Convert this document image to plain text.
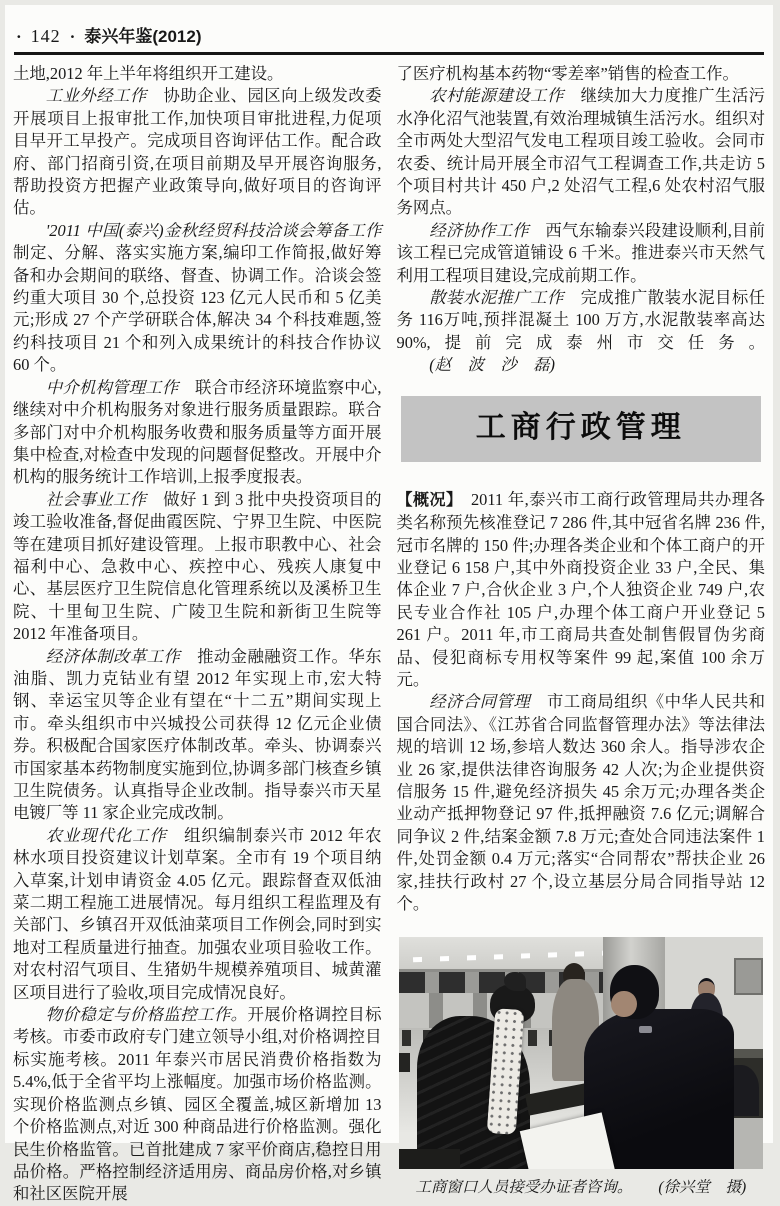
· 142 · 泰兴年鉴(2012)

土地,2012 年上半年将组织开工建设。

工业外经工作　协助企业、园区向上级发改委开展项目上报审批工作,加快项目审批进程,力促项目早开工早投产。完成项目咨询评估工作。配合政府、部门招商引资,在项目前期及早开展咨询服务,帮助投资方把握产业政策导向,做好项目的咨询评估。

'2011 中国(泰兴)金秋经贸科技洽谈会筹备工作　制定、分解、落实实施方案,编印工作简报,做好筹备和办会期间的联络、督查、协调工作。洽谈会签约重大项目 30 个,总投资 123 亿元人民币和 5 亿美元;形成 27 个产学研联合体,解决 34 个科技难题,签约科技项目 21 个和列入成果统计的科技合作协议 60 个。

中介机构管理工作　联合市经济环境监察中心,继续对中介机构服务对象进行服务质量跟踪。联合多部门对中介机构服务收费和服务质量等方面开展集中检查,对检查中发现的问题督促整改。开展中介机构的服务统计工作培训,上报季度报表。

社会事业工作　做好 1 到 3 批中央投资项目的竣工验收准备,督促曲霞医院、宁界卫生院、中医院等在建项目抓好建设管理。上报市职教中心、社会福利中心、急救中心、疾控中心、残疾人康复中心、基层医疗卫生院信息化管理系统以及溪桥卫生院、十里甸卫生院、广陵卫生院和新街卫生院等 2012 年准备项目。

经济体制改革工作　推动金融融资工作。华东油脂、凯力克钴业有望 2012 年实现上市,宏大特钢、幸运宝贝等企业有望在“十二五”期间实现上市。牵头组织市中兴城投公司获得 12 亿元企业债券。积极配合国家医疗体制改革。牵头、协调泰兴市国家基本药物制度实施到位,协调多部门核查乡镇卫生院债务。认真指导企业改制。指导泰兴市天星电镀厂等 11 家企业完成改制。

农业现代化工作　组织编制泰兴市 2012 年农林水项目投资建议计划草案。全市有 19 个项目纳入草案,计划申请资金 4.05 亿元。跟踪督查双低油菜二期工程施工进展情况。每月组织工程监理及有关部门、乡镇召开双低油菜项目工作例会,同时到实地对工程质量进行抽查。加强农业项目验收工作。对农村沼气项目、生猪奶牛规模养殖项目、城黄灌区项目进行了验收,项目完成情况良好。

物价稳定与价格监控工作。开展价格调控目标考核。市委市政府专门建立领导小组,对价格调控目标实施考核。2011 年泰兴市居民消费价格指数为 5.4%,低于全省平均上涨幅度。加强市场价格监测。实现价格监测点乡镇、园区全覆盖,城区新增加 13 个价格监测点,对近 300 种商品进行价格监测。强化民生价格监管。已首批建成 7 家平价商店,稳控日用品价格。严格控制经济适用房、商品房价格,对乡镇和社区医院开展

了医疗机构基本药物“零差率”销售的检查工作。

农村能源建设工作　继续加大力度推广生活污水净化沼气池装置,有效治理城镇生活污水。组织对全市两处大型沼气发电工程项目竣工验收。会同市农委、统计局开展全市沼气工程调查工作,共走访 5 个项目村共计 450 户,2 处沼气工程,6 处农村沼气服务网点。

经济协作工作　西气东输泰兴段建设顺利,目前该工程已完成管道铺设 6 千米。推进泰兴市天然气利用工程项目建设,完成前期工作。

散装水泥推广工作　完成推广散装水泥目标任务 116万吨,预拌混凝土 100 万方,水泥散装率高达 90%,提前完成泰州市交任务。(赵　波　沙　磊)

工商行政管理

【概况】　2011 年,泰兴市工商行政管理局共办理各类名称预先核准登记 7 286 件,其中冠省名牌 236 件,冠市名牌的 150 件;办理各类企业和个体工商户的开业登记 6 158 户,其中外商投资企业 33 户,全民、集体企业 7 户,合伙企业 3 户,个人独资企业 749 户,农民专业合作社 105 户,办理个体工商户开业登记 5 261 户。2011 年,市工商局共查处制售假冒伪劣商品、侵犯商标专用权等案件 99 起,案值 100 余万元。

经济合同管理　市工商局组织《中华人民共和国合同法》、《江苏省合同监督管理办法》等法律法规的培训 12 场,参培人数达 360 余人。指导涉农企业 26 家,提供法律咨询服务 42 人次;为企业提供资信服务 15 件,避免经济损失 45 余万元;办理各类企业动产抵押物登记 97 件,抵押融资 7.6 亿元;调解合同争议 2 件,结案金额 7.8 万元;查处合同违法案件 1 件,处罚金额 0.4 万元;落实“合同帮农”帮扶企业 26 家,挂扶行政村 27 个,设立基层分局合同指导站 12 个。

工商窗口人员接受办证者咨询。 (徐兴堂　摄)
